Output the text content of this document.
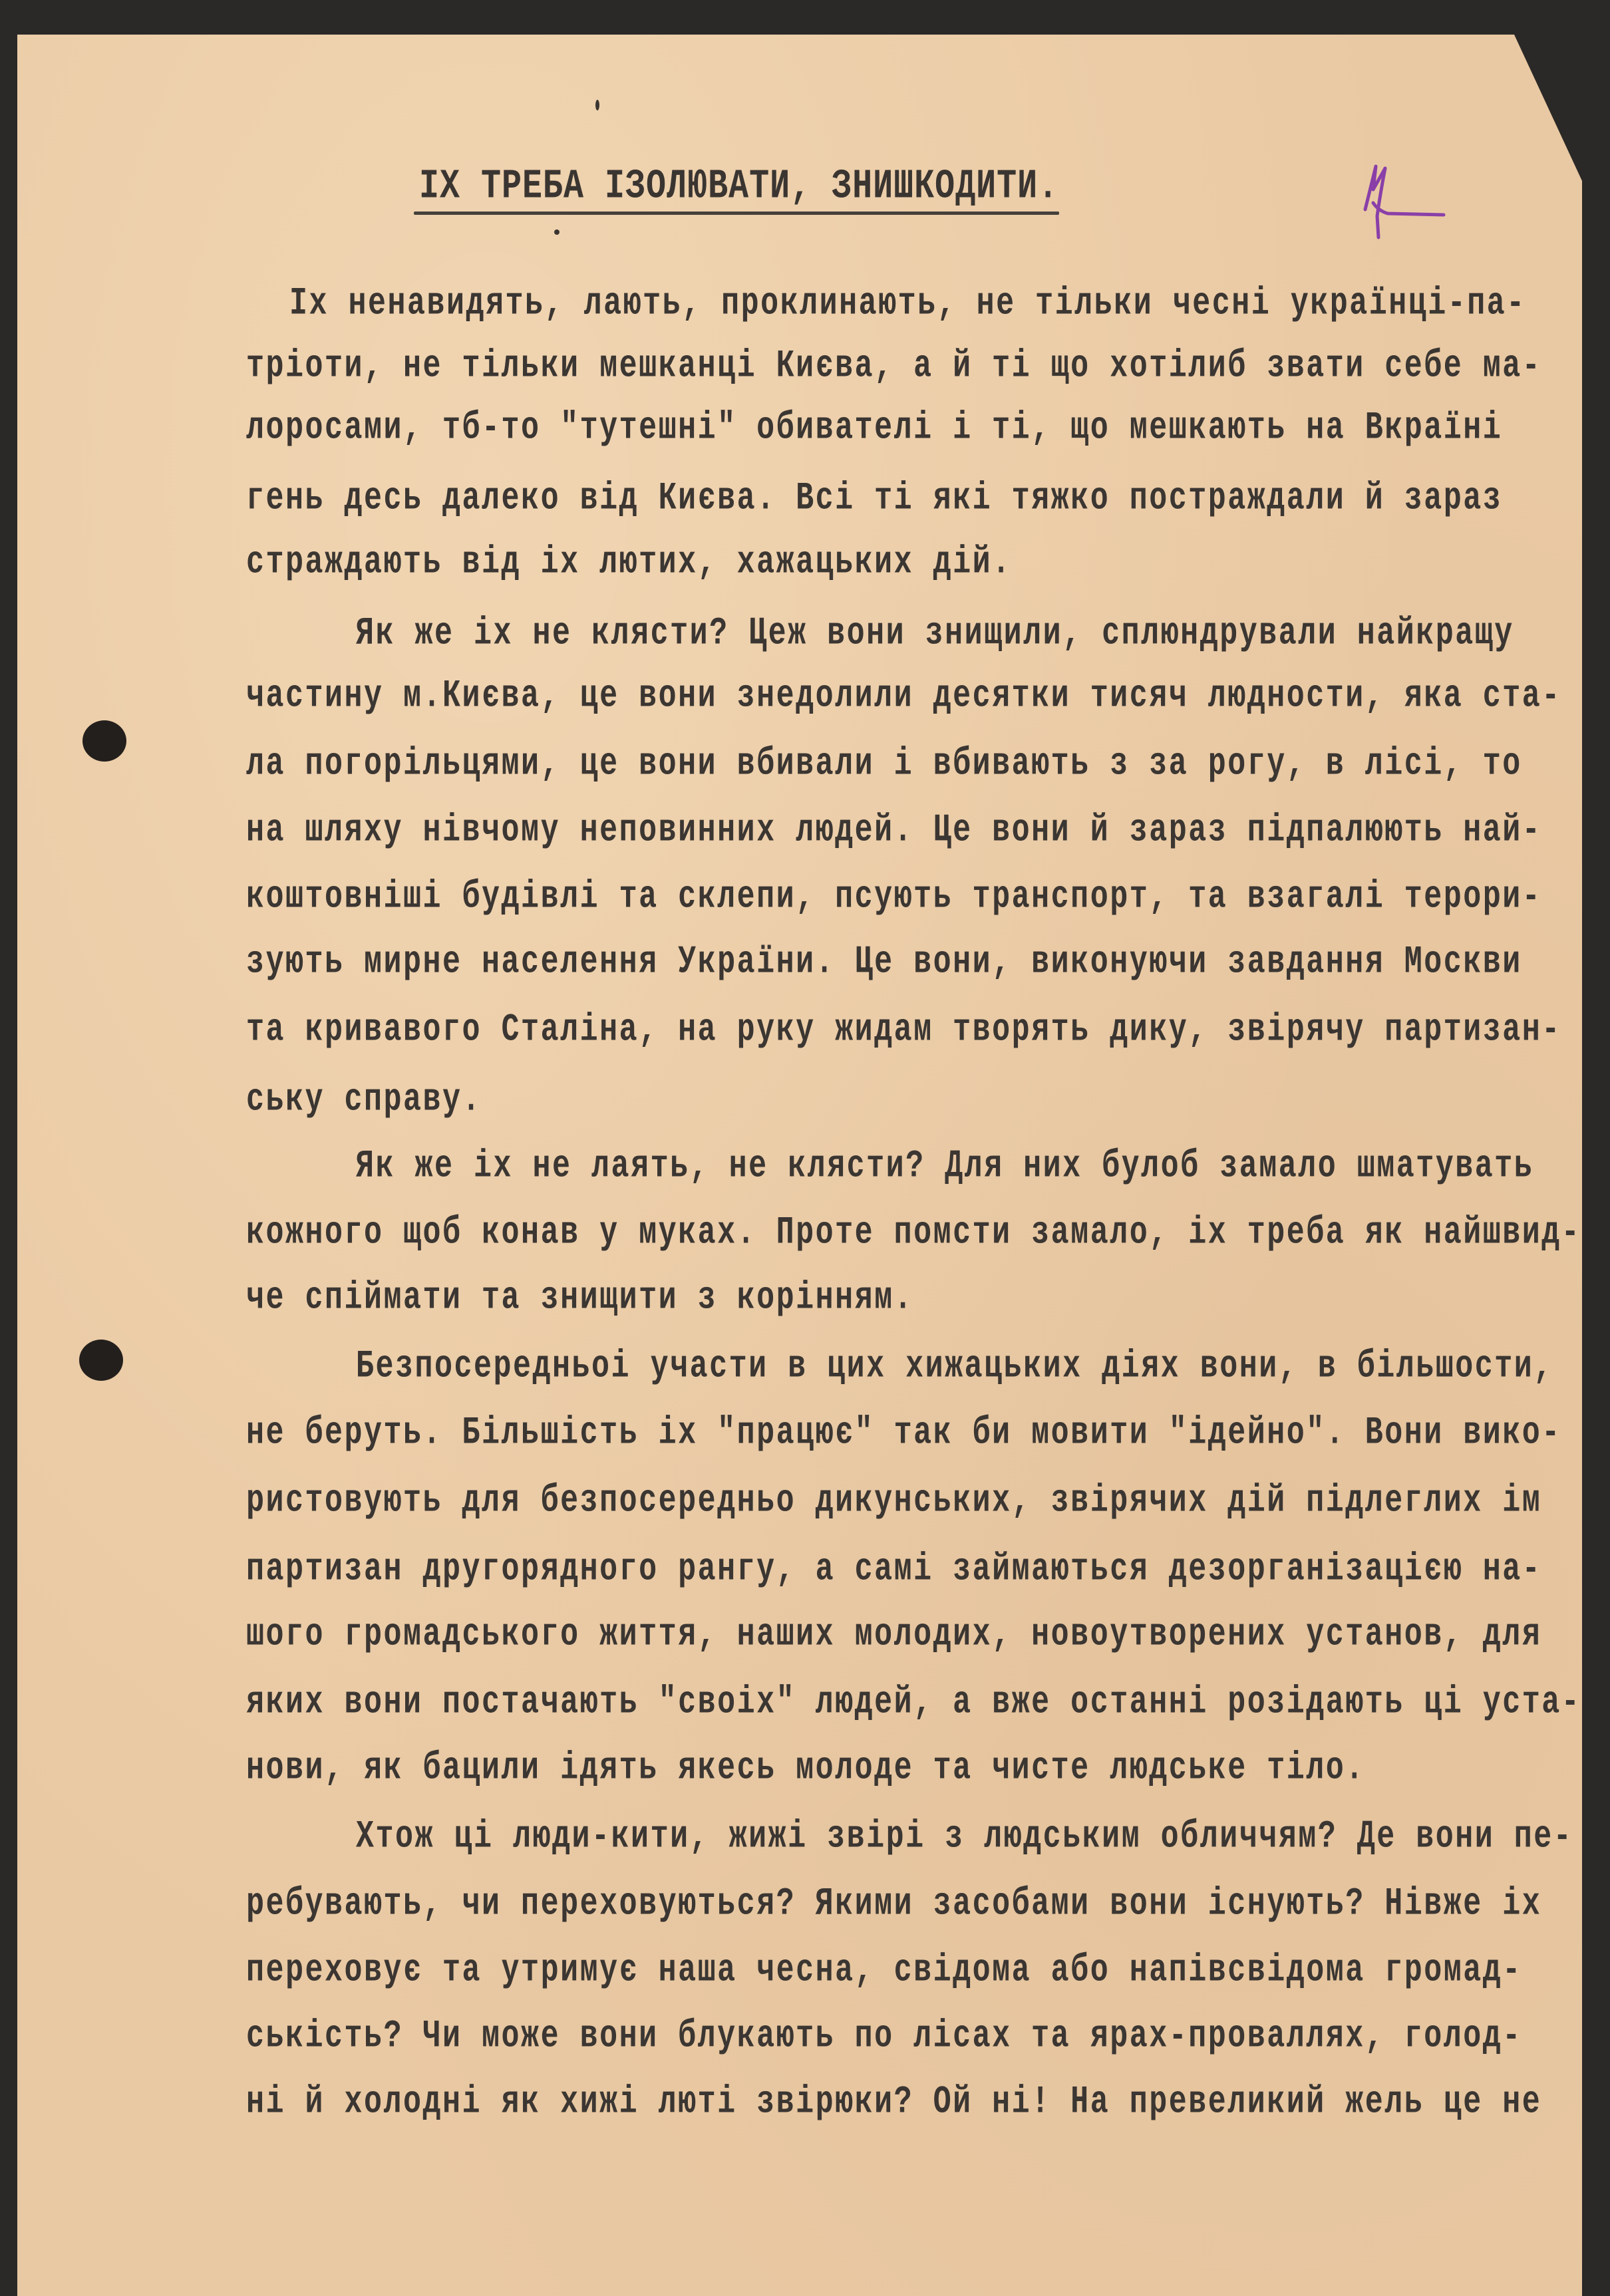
IX ТРЕБА ІЗОЛЮВАТИ, ЗНИШКОДИТИ.
Іх ненавидять, лають, проклинають, не тільки чесні українці-па-
тріоти, не тільки мешканці Києва, а й ті що хотілиб звати себе ма-
лоросами, тб-то "тутешні" обивателі і ті, що мешкають на Вкраїні
гень десь далеко від Києва. Всі ті які тяжко постраждали й зараз
страждають від іх лютих, хажацьких дій.
Як же іх не клясти? Цеж вони знищили, сплюндрували найкращу
частину м.Києва, це вони знедолили десятки тисяч людности, яка ста-
ла погорільцями, це вони вбивали і вбивають з за рогу, в лісі, то
на шляху нівчому неповинних людей. Це вони й зараз підпалюють най-
коштовніші будівлі та склепи, псують транспорт, та взагалі терори-
зують мирне населення України. Це вони, виконуючи завдання Москви
та кривавого Сталіна, на руку жидам творять дику, звірячу партизан-
ську справу.
Як же іх не лаять, не клясти? Для них булоб замало шматувать
кожного щоб конав у муках. Проте помсти замало, іх треба як найшвид-
че спіймати та знищити з корінням.
Безпосередньоі участи в цих хижацьких діях вони, в більшости,
не беруть. Більшість іх "працює" так би мовити "ідейно". Вони вико-
ристовують для безпосередньо дикунських, звірячих дій підлеглих ім
партизан другорядного рангу, а самі займаються дезорганізацією на-
шого громадського життя, наших молодих, новоутворених установ, для
яких вони постачають "своіх" людей, а вже останні розідають ці уста-
нови, як бацили ідять якесь молоде та чисте людське тіло.
Хтож ці люди-кити, жижі звірі з людським обличчям? Де вони пе-
ребувають, чи переховуються? Якими засобами вони існують? Нівже іх
переховує та утримує наша чесна, свідома або напівсвідома громад-
ськість? Чи може вони блукають по лісах та ярах-проваллях, голод-
ні й холодні як хижі люті звірюки? Ой ні! На превеликий жель це не
